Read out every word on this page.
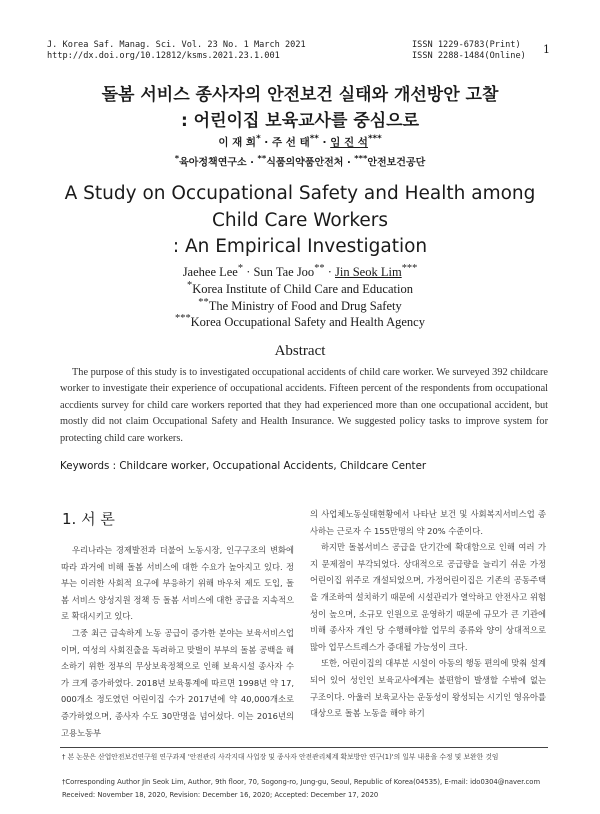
J. Korea Saf. Manag. Sci. Vol. 23 No. 1 March 2021
http://dx.doi.org/10.12812/ksms.2021.23.1.001
ISSN 1229-6783(Print)
ISSN 2288-1484(Online) 1
돌봄 서비스 종사자의 안전보건 실태와 개선방안 고찰
: 어린이집 보육교사를 중심으로
이 재 희* · 주 선 태** · 임 진 석***
*육아정책연구소 · **식품의약품안전처 · ***안전보건공단
A Study on Occupational Safety and Health among
Child Care Workers
: An Empirical Investigation
Jaehee Lee* · Sun Tae Joo** · Jin Seok Lim***
*Korea Institute of Child Care and Education
**The Ministry of Food and Drug Safety
***Korea Occupational Safety and Health Agency
Abstract
The purpose of this study is to investigated occupational accidents of child care worker. We surveyed 392 childcare worker to investigate their experience of occupational accidents. Fifteen percent of the respondents from occupational accdients survey for child care workers reported that they had experienced more than one occupational accident, but mostly did not claim Occupational Safety and Health Insurance. We suggested policy tasks to improve system for protecting child care workers.
Keywords : Childcare worker, Occupational Accidents, Childcare Center
1. 서 론

우리나라는 경제발전과 더불어 노동시장, 인구구조의 변화에 따라 과거에 비해 돌봄 서비스에 대한 수요가 높아지고 있다. 정부는 이러한 사회적 요구에 부응하기 위해 바우처 제도 도입, 돌봄 서비스 양성지원 정책 등 돌봄 서비스에 대한 공급을 지속적으로 확대시키고 있다.

그중 최근 급속하게 노동 공급이 증가한 분야는 보육서비스업이며, 여성의 사회진출을 독려하고 맞벌이 부부의 돌봄 공백을 해소하기 위한 정부의 무상보육정책으로 인해 보육시설 종사자 수가 크게 증가하였다. 2018년 보육통계에 따르면 1998년 약 17,000개소 정도였던 어린이집 수가 2017년에 약 40,000개소로 증가하였으며, 종사자 수도 30만명을 넘어섰다. 이는 2016년의 고용노동부

의 사업체노동실태현황에서 나타난 보건 및 사회복지서비스업 종사하는 근로자 수 155만명의 약 20% 수준이다.

하지만 돌봄서비스 공급을 단기간에 확대함으로 인해 여러 가지 문제점이 부각되었다. 상대적으로 공급량을 늘리기 쉬운 가정어린이집 위주로 개설되었으며, 가정어린이집은 기존의 공동주택을 개조하여 설치하기 때문에 시설관리가 열악하고 안전사고 위험성이 높으며, 소규모 인원으로 운영하기 때문에 규모가 큰 기관에 비해 종사자 개인 당 수행해야할 업무의 종류와 양이 상대적으로 많아 업무스트레스가 증대될 가능성이 크다.

또한, 어린이집의 대부분 시설이 아동의 행동 편의에 맞춰 설계되어 있어 성인인 보육교사에게는 불편함이 발생할 수밖에 없는 구조이다. 아울러 보육교사는 운동성이 왕성되는 시기인 영유아를 대상으로 돌봄 노동을 해야 하기

† 본 논문은 산업안전보건연구원 연구과제 '안전관리 사각지대 사업장 및 종사자 안전관리체계 확보방안 연구(1)'의 일부 내용을 수정 및 보완한 것임
†Corresponding Author Jin Seok Lim, Author, 9th floor, 70, Sogong-ro, Jung-gu, Seoul, Republic of Korea(04535), E-mail: ido0304@naver.com
Received: November 18, 2020, Revision: December 16, 2020; Accepted: December 17, 2020
